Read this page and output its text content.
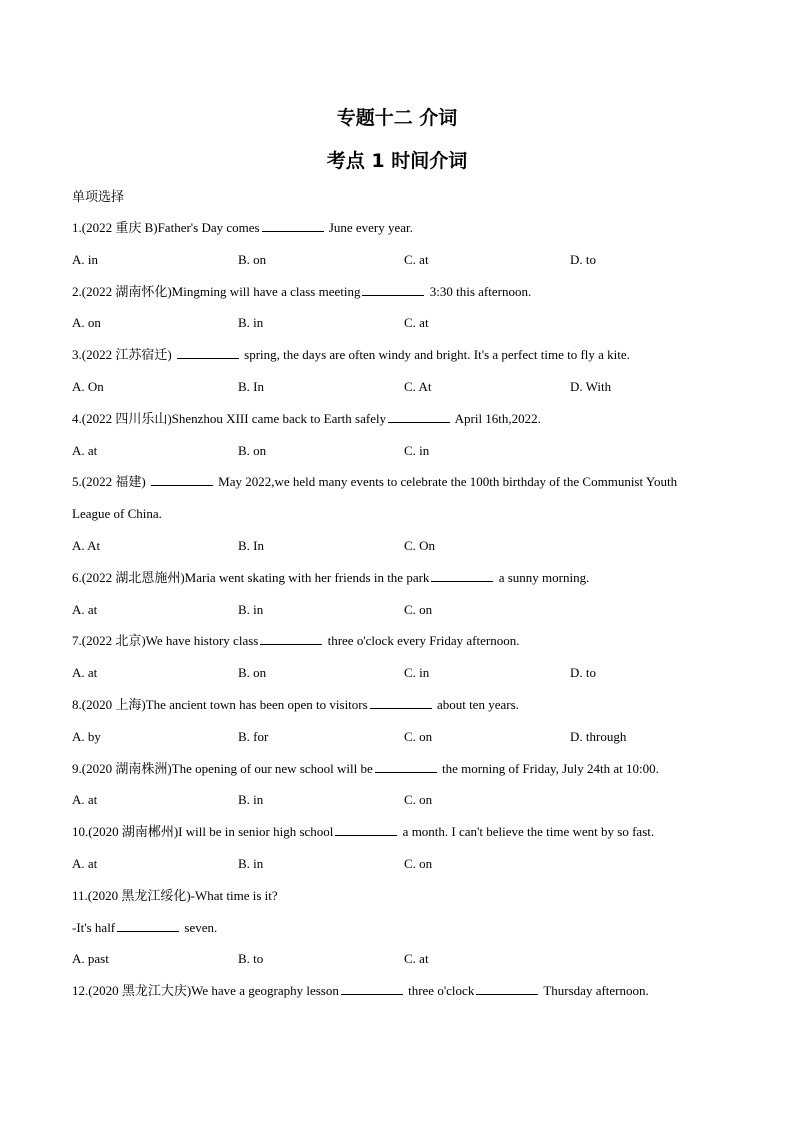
专题十二 介词
考点 1 时间介词
单项选择
1.(2022 重庆 B)Father's Day comes	June every year.
A. in	B. on	C. at	D. to
2.(2022 湖南怀化)Mingming will have a class meeting	3:30 this afternoon.
A. on	B. in	C. at
3.(2022 江苏宿迁)	spring, the days are often windy and bright. It's a perfect time to fly a kite.
A. On	B. In	C. At	D. With
4.(2022 四川乐山)Shenzhou XIII came back to Earth safely	April 16th,2022.
A. at	B. on	C. in
5.(2022 福建)	May 2022,we held many events to celebrate the 100th birthday of the Communist Youth
League of China.
A. At	B. In	C. On
6.(2022 湖北恩施州)Maria went skating with her friends in the park	a sunny morning.
A. at	B. in	C. on
7.(2022 北京)We have history class	three o'clock every Friday afternoon.
A. at	B. on	C. in	D. to
8.(2020 上海)The ancient town has been open to visitors	about ten years.
A. by	B. for	C. on	D. through
9.(2020 湖南株洲)The opening of our new school will be	the morning of Friday, July 24th at 10:00.
A. at	B. in	C. on
10.(2020 湖南郴州)I will be in senior high school	a month. I can't believe the time went by so fast.
A. at	B. in	C. on
11.(2020 黑龙江绥化)-What time is it?
-It's half	seven.
A. past	B. to	C. at
12.(2020 黑龙江大庆)We have a geography lesson	three o'clock	Thursday afternoon.
